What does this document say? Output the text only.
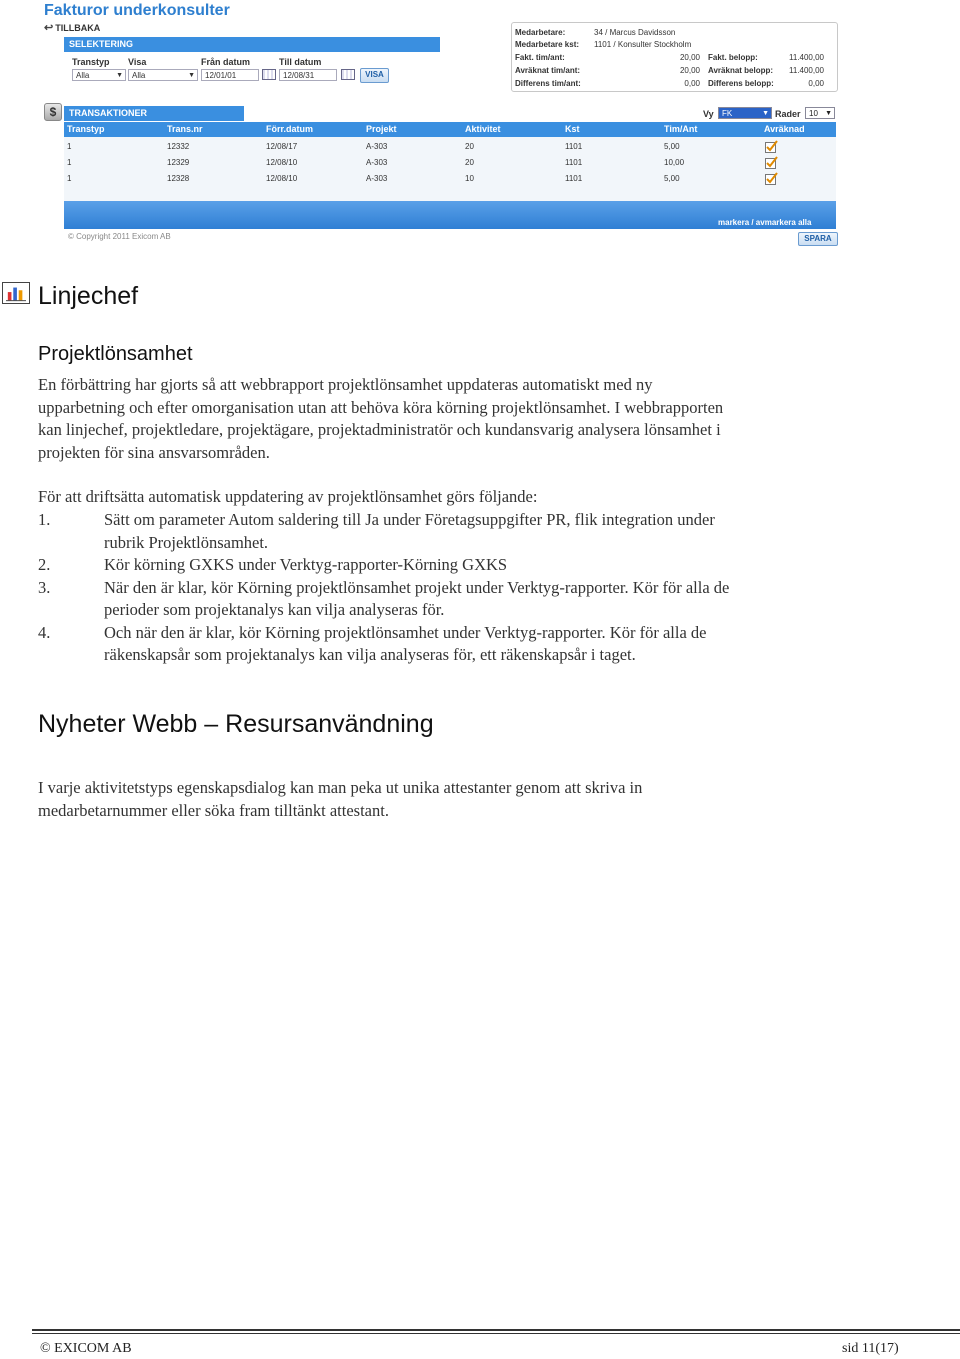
Fakturor underkonsulter
↩ TILLBAKA
SELEKTERING
Transtyp
Alla	▼
Visa
Alla	▼
Från datum
12/01/01
Till datum
12/08/31	VISA
Medarbetare:	34 / Marcus Davidsson
Medarbetare kst: 1101 / Konsulter Stockholm
Fakt. tim/ant:	20,00 Fakt. belopp:	11.400,00
Avräknat tim/ant:	20,00 Avräknat belopp:	11.400,00
Differens tim/ant:	0,00 Differens belopp:	0,00
$	TRANSAKTIONER	Vy	FK	▼ Rader	10 ▼
Transtyp	Trans.nr	Förr.datum	Projekt	Aktivitet	Kst	Tim/Ant	Avräknad
1	12332	12/08/17	A-303	20	1101	5,00
1	12329	12/08/10	A-303	20	1101	10,00
1	12328	12/08/10	A-303	10	1101	5,00
markera / avmarkera alla
SPARA
© Copyright 2011 Exicom AB
Linjechef
Projektlönsamhet
En förbättring har gjorts så att webbrapport projektlönsamhet uppdateras automatiskt med ny
upparbetning och efter omorganisation utan att behöva köra körning projektlönsamhet. I webbrapporten
kan linjechef, projektledare, projektägare, projektadministratör och kundansvarig analysera lönsamhet i
projekten för sina ansvarsområden.
För att driftsätta automatisk uppdatering av projektlönsamhet görs följande:
1.	Sätt om parameter Autom saldering till Ja under Företagsuppgifter PR, flik integration under
rubrik Projektlönsamhet.
2.	Kör körning GXKS under Verktyg-rapporter-Körning GXKS
3.	När den är klar, kör Körning projektlönsamhet projekt under Verktyg-rapporter. Kör för alla de
perioder som projektanalys kan vilja analyseras för.
4.	Och när den är klar, kör Körning projektlönsamhet under Verktyg-rapporter. Kör för alla de
räkenskapsår som projektanalys kan vilja analyseras för, ett räkenskapsår i taget.
Nyheter Webb – Resursanvändning
I varje aktivitetstyps egenskapsdialog kan man peka ut unika attestanter genom att skriva in
medarbetarnummer eller söka fram tilltänkt attestant.
© EXICOM AB	sid 11(17)
